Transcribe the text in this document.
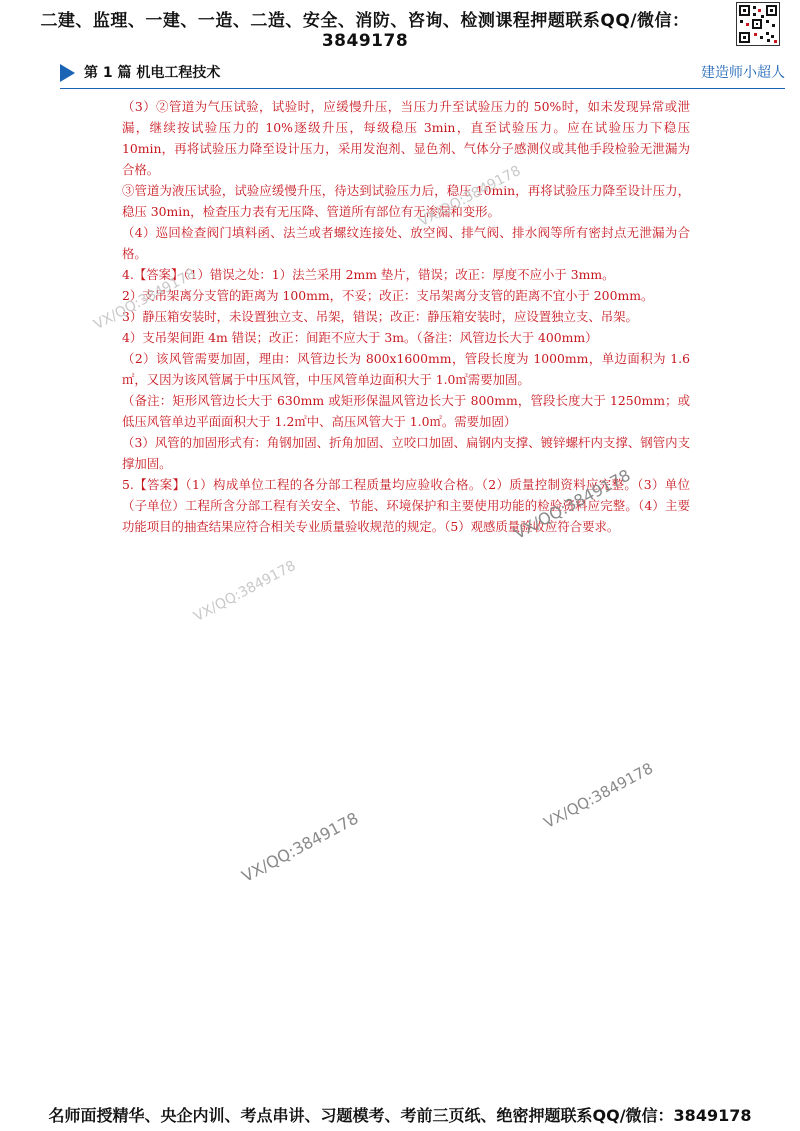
二建、监理、一建、一造、二造、安全、消防、咨询、检测课程押题联系QQ/微信：3849178
第 1 篇 机电工程技术	建造师小超人

（3）②管道为气压试验，试验时，应缓慢升压，当压力升至试验压力的 50%时，如未发现异常或泄漏，继续按试验压力的 10%逐级升压，每级稳压 3min，直至试验压力。应在试验压力下稳压 10min，再将试验压力降至设计压力，采用发泡剂、显色剂、气体分子感测仪或其他手段检验无泄漏为合格。

③管道为液压试验，试验应缓慢升压，待达到试验压力后，稳压 10min，再将试验压力降至设计压力，稳压 30min，检查压力表有无压降、管道所有部位有无渗漏和变形。

（4）巡回检查阀门填料函、法兰或者螺纹连接处、放空阀、排气阀、排水阀等所有密封点无泄漏为合格。

4.【答案】（1）错误之处：1）法兰采用 2mm 垫片，错误；改正：厚度不应小于 3mm。

2）支吊架离分支管的距离为 100mm，不妥；改正：支吊架离分支管的距离不宜小于 200mm。

3）静压箱安装时，未设置独立支、吊架，错误；改正：静压箱安装时，应设置独立支、吊架。

4）支吊架间距 4m 错误；改正：间距不应大于 3m。（备注：风管边长大于 400mm）

（2）该风管需要加固，理由：风管边长为 800x1600mm，管段长度为 1000mm，单边面积为 1.6㎡，又因为该风管属于中压风管，中压风管单边面积大于 1.0㎡需要加固。

（备注：矩形风管边长大于 630mm 或矩形保温风管边长大于 800mm，管段长度大于 1250mm；或低压风管单边平面面积大于 1.2㎡中、高压风管大于 1.0㎡。需要加固）

（3）风管的加固形式有：角钢加固、折角加固、立咬口加固、扁钢内支撑、镀锌螺杆内支撑、钢管内支撑加固。

5.【答案】（1）构成单位工程的各分部工程质量均应验收合格。（2）质量控制资料应完整。（3）单位（子单位）工程所含分部工程有关安全、节能、环境保护和主要使用功能的检验资料应完整。（4）主要功能项目的抽查结果应符合相关专业质量验收规范的规定。（5）观感质量验收应符合要求。

VX/QQ:3849178
VX/QQ:3849178
VX/QQ:3849178
VX/QQ:3849178
VX/QQ:3849178
VX/QQ:3849178
名师面授精华、央企内训、考点串讲、习题模考、考前三页纸、绝密押题联系QQ/微信：3849178
